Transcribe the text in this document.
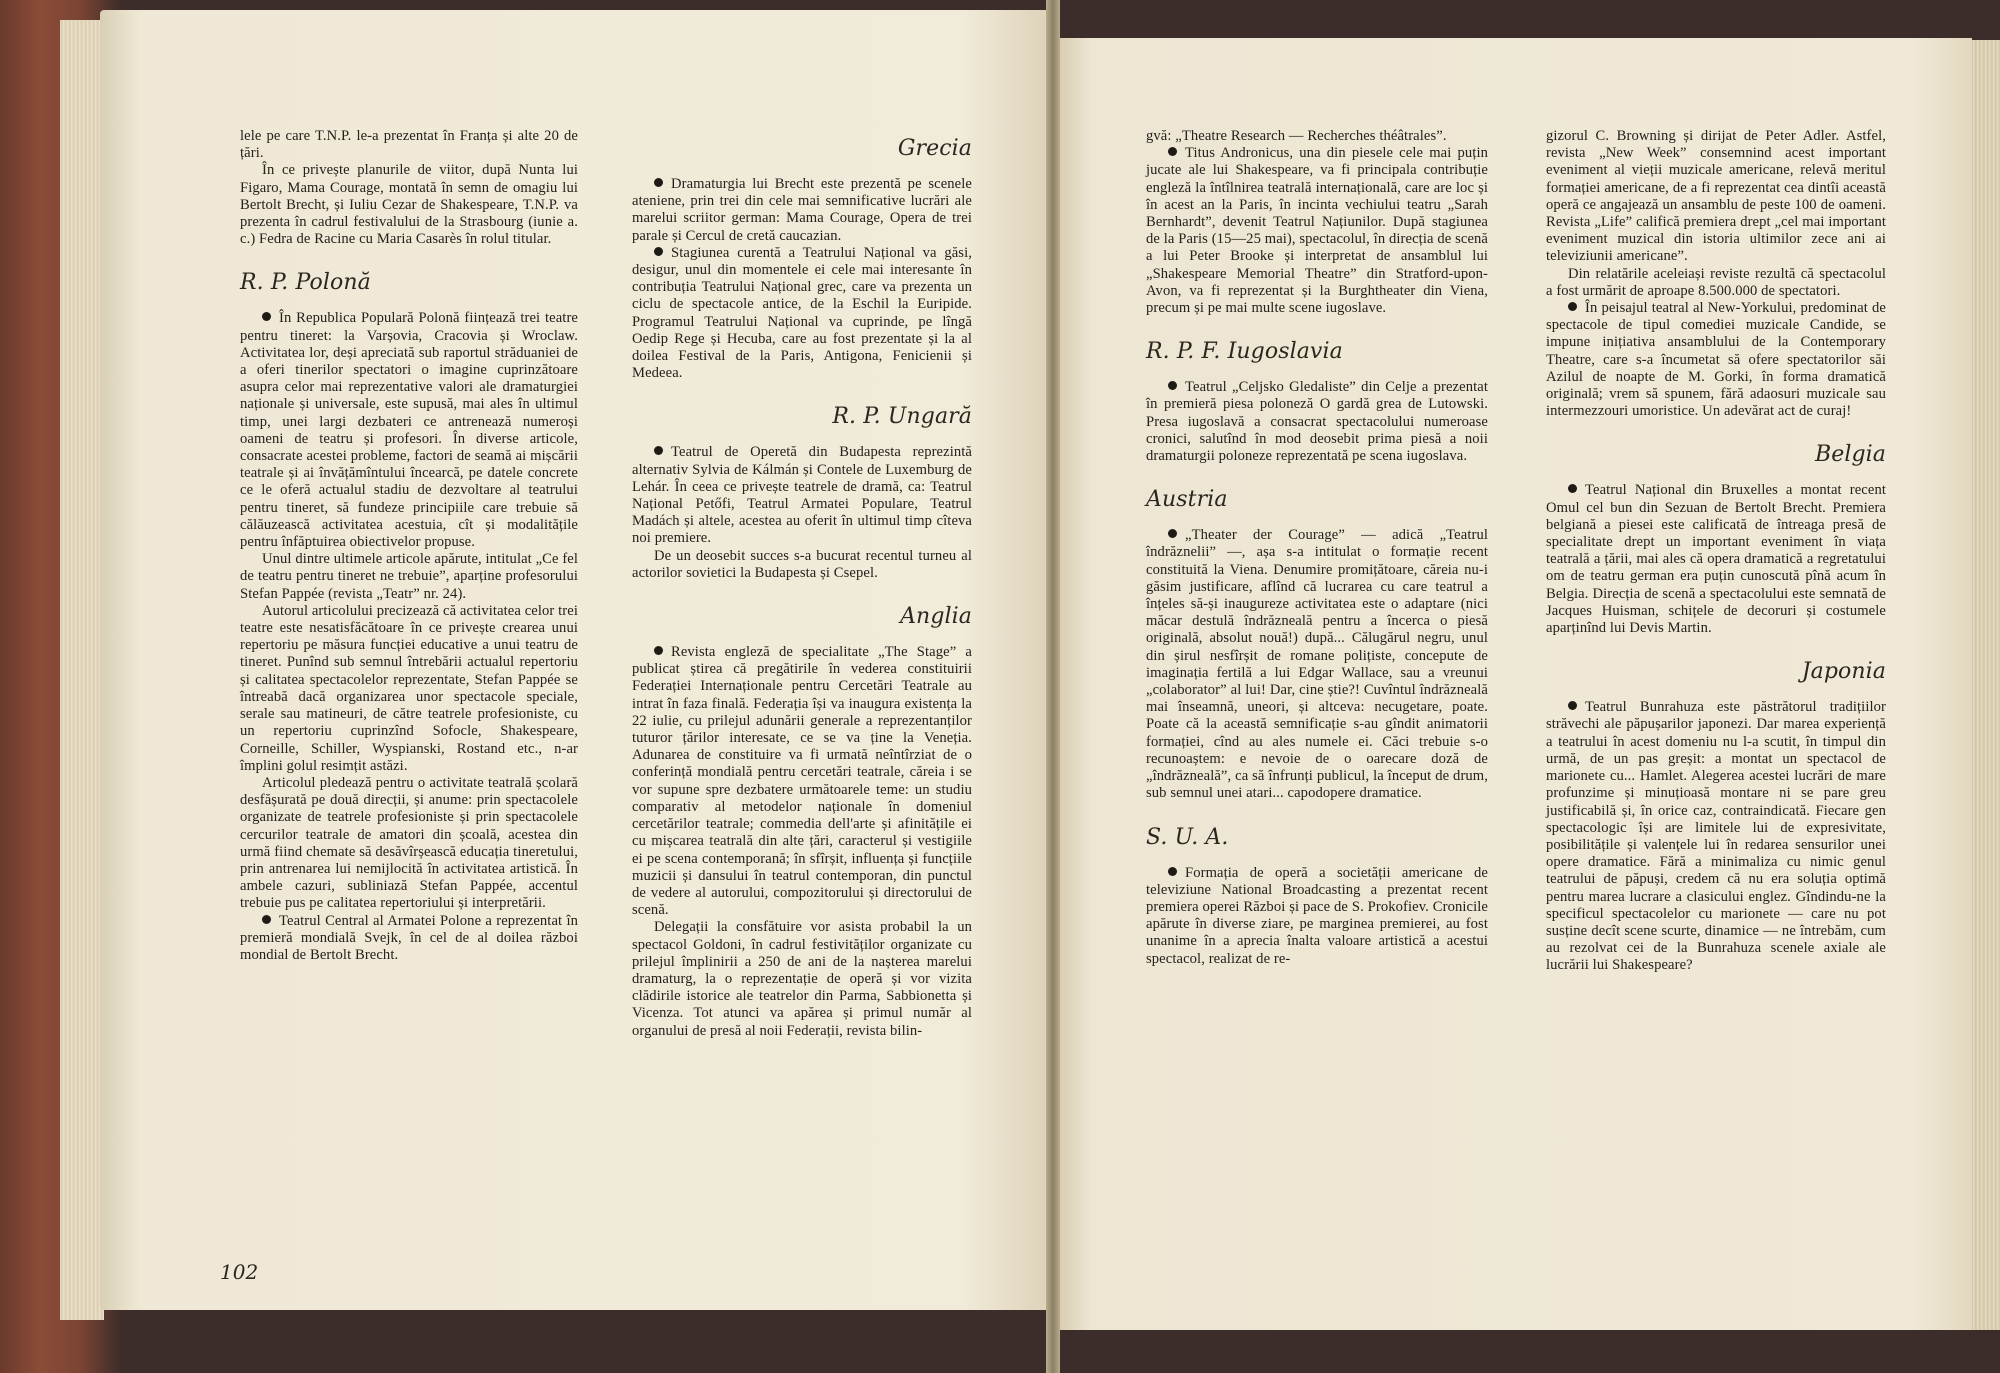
lele pe care T.N.P. le-a prezentat în Franța și alte 20 de țări.

În ce privește planurile de viitor, după Nunta lui Figaro, Mama Courage, montată în semn de omagiu lui Bertolt Brecht, și Iuliu Cezar de Shakespeare, T.N.P. va prezenta în cadrul festivalului de la Strasbourg (iunie a. c.) Fedra de Racine cu Maria Casarès în rolul titular.

R. P. Polonă

În Republica Populară Polonă ființează trei teatre pentru tineret: la Varșovia, Cracovia și Wroclaw. Activitatea lor, deși apreciată sub raportul străduaniei de a oferi tinerilor spectatori o imagine cuprinzătoare asupra celor mai reprezentative valori ale dramaturgiei naționale și universale, este supusă, mai ales în ultimul timp, unei largi dezbateri ce antrenează numeroși oameni de teatru și profesori. În diverse articole, consacrate acestei probleme, factori de seamă ai mișcării teatrale și ai învățămîntului încearcă, pe datele concrete ce le oferă actualul stadiu de dezvoltare al teatrului pentru tineret, să fundeze principiile care trebuie să călăuzească activitatea acestuia, cît și modalitățile pentru înfăptuirea obiectivelor propuse.

Unul dintre ultimele articole apărute, intitulat „Ce fel de teatru pentru tineret ne trebuie”, aparține profesorului Stefan Pappée (revista „Teatr” nr. 24).

Autorul articolului precizează că activitatea celor trei teatre este nesatisfăcătoare în ce privește crearea unui repertoriu pe măsura funcției educative a unui teatru de tineret. Punînd sub semnul întrebării actualul repertoriu și calitatea spectacolelor reprezentate, Stefan Pappée se întreabă dacă organizarea unor spectacole speciale, serale sau matineuri, de către teatrele profesioniste, cu un repertoriu cuprinzînd Sofocle, Shakespeare, Corneille, Schiller, Wyspianski, Rostand etc., n-ar împlini golul resimțit astăzi.

Articolul pledează pentru o activitate teatrală școlară desfășurată pe două direcții, și anume: prin spectacolele organizate de teatrele profesioniste și prin spectacolele cercurilor teatrale de amatori din școală, acestea din urmă fiind chemate să desăvîrșească educația tineretului, prin antrenarea lui nemijlocită în activitatea artistică. În ambele cazuri, subliniază Stefan Pappée, accentul trebuie pus pe calitatea repertoriului și interpretării.

Teatrul Central al Armatei Polone a reprezentat în premieră mondială Svejk, în cel de al doilea război mondial de Bertolt Brecht.

Grecia

Dramaturgia lui Brecht este prezentă pe scenele ateniene, prin trei din cele mai semnificative lucrări ale marelui scriitor german: Mama Courage, Opera de trei parale și Cercul de cretă caucazian.

Stagiunea curentă a Teatrului Național va găsi, desigur, unul din momentele ei cele mai interesante în contribuția Teatrului Național grec, care va prezenta un ciclu de spectacole antice, de la Eschil la Euripide. Programul Teatrului Național va cuprinde, pe lîngă Oedip Rege și Hecuba, care au fost prezentate și la al doilea Festival de la Paris, Antigona, Fenicienii și Medeea.

R. P. Ungară

Teatrul de Operetă din Budapesta reprezintă alternativ Sylvia de Kálmán și Contele de Luxemburg de Lehár. În ceea ce privește teatrele de dramă, ca: Teatrul Național Petőfi, Teatrul Armatei Populare, Teatrul Madách și altele, acestea au oferit în ultimul timp cîteva noi premiere.

De un deosebit succes s-a bucurat recentul turneu al actorilor sovietici la Budapesta și Csepel.

Anglia

Revista engleză de specialitate „The Stage” a publicat știrea că pregătirile în vederea constituirii Federației Internaționale pentru Cercetări Teatrale au intrat în faza finală. Federația își va inaugura existența la 22 iulie, cu prilejul adunării generale a reprezentanților tuturor țărilor interesate, ce se va ține la Veneția. Adunarea de constituire va fi urmată neîntîrziat de o conferință mondială pentru cercetări teatrale, căreia i se vor supune spre dezbatere următoarele teme: un studiu comparativ al metodelor naționale în domeniul cercetărilor teatrale; commedia dell'arte și afinitățile ei cu mișcarea teatrală din alte țări, caracterul și vestigiile ei pe scena contemporană; în sfîrșit, influența și funcțiile muzicii și dansului în teatrul contemporan, din punctul de vedere al autorului, compozitorului și directorului de scenă.

Delegații la consfătuire vor asista probabil la un spectacol Goldoni, în cadrul festivităților organizate cu prilejul împlinirii a 250 de ani de la nașterea marelui dramaturg, la o reprezentație de operă și vor vizita clădirile istorice ale teatrelor din Parma, Sabbionetta și Vicenza. Tot atunci va apărea și primul număr al organului de presă al noii Federații, revista bilin-

102

gvă: „Theatre Research — Recherches théâtrales”.

Titus Andronicus, una din piesele cele mai puțin jucate ale lui Shakespeare, va fi principala contribuție engleză la întîlnirea teatrală internațională, care are loc și în acest an la Paris, în incinta vechiului teatru „Sarah Bernhardt”, devenit Teatrul Națiunilor. După stagiunea de la Paris (15—25 mai), spectacolul, în direcția de scenă a lui Peter Brooke și interpretat de ansamblul lui „Shakespeare Memorial Theatre” din Stratford-upon-Avon, va fi reprezentat și la Burghtheater din Viena, precum și pe mai multe scene iugoslave.

R. P. F. Iugoslavia

Teatrul „Celjsko Gledaliste” din Celje a prezentat în premieră piesa poloneză O gardă grea de Lutowski. Presa iugoslavă a consacrat spectacolului numeroase cronici, salutînd în mod deosebit prima piesă a noii dramaturgii poloneze reprezentată pe scena iugoslava.

Austria

„Theater der Courage” — adică „Teatrul îndrăznelii” —, așa s-a intitulat o formație recent constituită la Viena. Denumire promițătoare, căreia nu-i găsim justificare, aflînd că lucrarea cu care teatrul a înțeles să-și inaugureze activitatea este o adaptare (nici măcar destulă îndrăzneală pentru a încerca o piesă originală, absolut nouă!) după... Călugărul negru, unul din șirul nesfîrșit de romane polițiste, concepute de imaginația fertilă a lui Edgar Wallace, sau a vreunui „colaborator” al lui! Dar, cine știe?! Cuvîntul îndrăzneală mai înseamnă, uneori, și altceva: necugetare, poate. Poate că la această semnificație s-au gîndit animatorii formației, cînd au ales numele ei. Căci trebuie s-o recunoaștem: e nevoie de o oarecare doză de „îndrăzneală”, ca să înfrunți publicul, la început de drum, sub semnul unei atari... capodopere dramatice.

S. U. A.

Formația de operă a societății americane de televiziune National Broadcasting a prezentat recent premiera operei Război și pace de S. Prokofiev. Cronicile apărute în diverse ziare, pe marginea premierei, au fost unanime în a aprecia înalta valoare artistică a acestui spectacol, realizat de re-

gizorul C. Browning și dirijat de Peter Adler. Astfel, revista „New Week” consemnind acest important eveniment al vieții muzicale americane, relevă meritul formației americane, de a fi reprezentat cea dintîi această operă ce angajează un ansamblu de peste 100 de oameni. Revista „Life” califică premiera drept „cel mai important eveniment muzical din istoria ultimilor zece ani ai televiziunii americane”.

Din relatările aceleiași reviste rezultă că spectacolul a fost urmărit de aproape 8.500.000 de spectatori.

În peisajul teatral al New-Yorkului, predominat de spectacole de tipul comediei muzicale Candide, se impune inițiativa ansamblului de la Contemporary Theatre, care s-a încumetat să ofere spectatorilor săi Azilul de noapte de M. Gorki, în forma dramatică originală; vrem să spunem, fără adaosuri muzicale sau intermezzouri umoristice. Un adevărat act de curaj!

Belgia

Teatrul Național din Bruxelles a montat recent Omul cel bun din Sezuan de Bertolt Brecht. Premiera belgiană a piesei este calificată de întreaga presă de specialitate drept un important eveniment în viața teatrală a țării, mai ales că opera dramatică a regretatului om de teatru german era puțin cunoscută pînă acum în Belgia. Direcția de scenă a spectacolului este semnată de Jacques Huisman, schițele de decoruri și costumele aparținînd lui Devis Martin.

Japonia

Teatrul Bunrahuza este păstrătorul tradițiilor străvechi ale păpușarilor japonezi. Dar marea experiență a teatrului în acest domeniu nu l-a scutit, în timpul din urmă, de un pas greșit: a montat un spectacol de marionete cu... Hamlet. Alegerea acestei lucrări de mare profunzime și minuțioasă montare ni se pare greu justificabilă și, în orice caz, contraindicată. Fiecare gen spectacologic își are limitele lui de expresivitate, posibilitățile și valențele lui în redarea sensurilor unei opere dramatice. Fără a minimaliza cu nimic genul teatrului de păpuși, credem că nu era soluția optimă pentru marea lucrare a clasicului englez. Gîndindu-ne la specificul spectacolelor cu marionete — care nu pot susține decît scene scurte, dinamice — ne întrebăm, cum au rezolvat cei de la Bunrahuza scenele axiale ale lucrării lui Shakespeare?
